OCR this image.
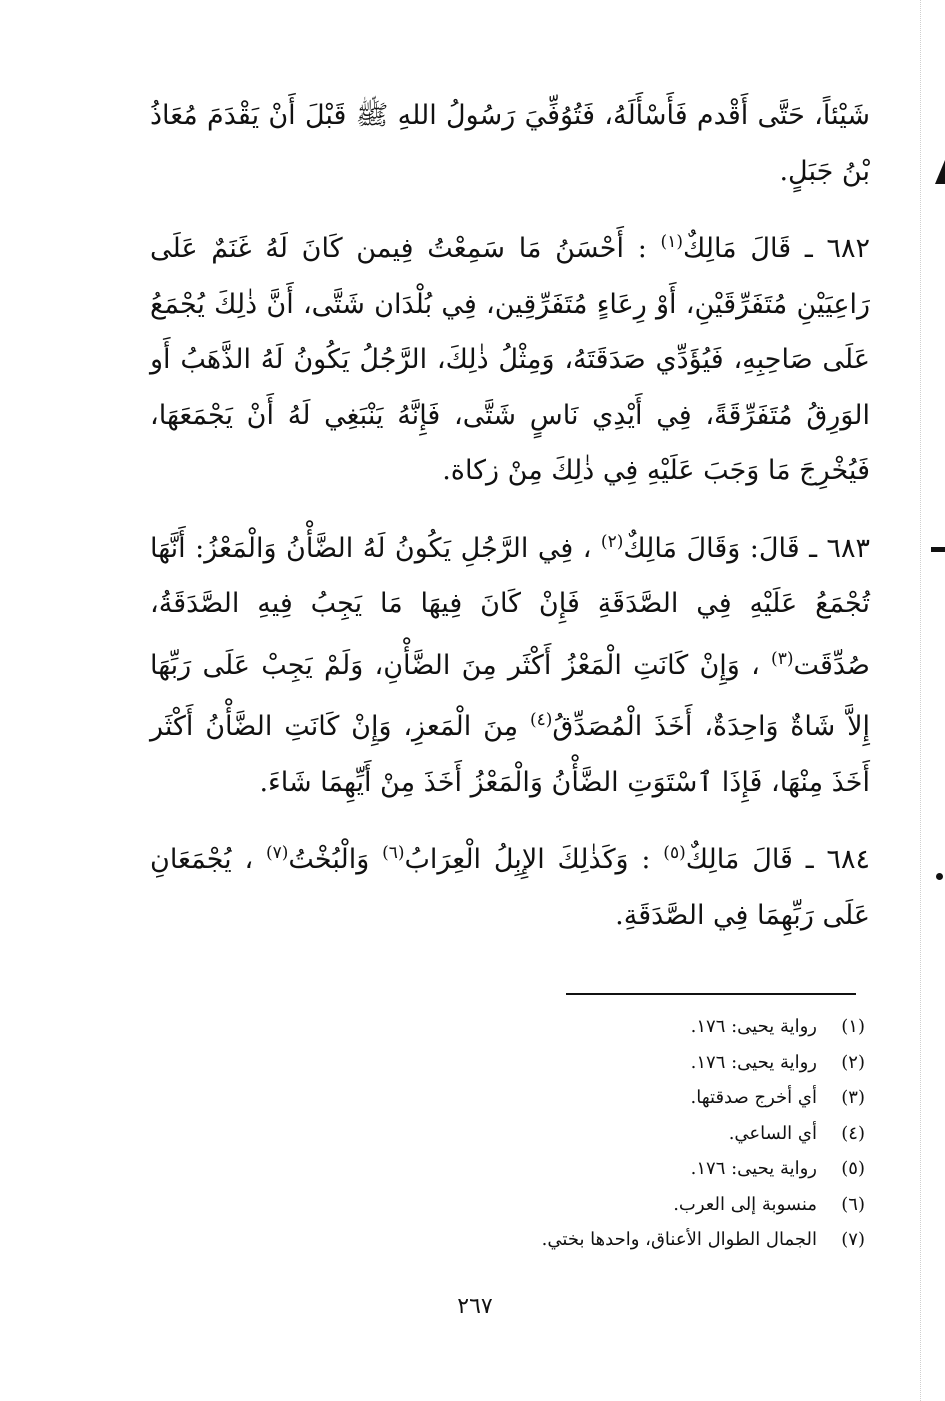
شَيْئاً، حَتَّى أَقْدم فَأَسْأَلَهُ، فَتُوُفِّيَ رَسُولُ اللهِ ﷺ قَبْلَ أَنْ يَقْدَمَ مُعَاذُ بْنُ جَبَلٍ.

٦٨٢ ـ قَالَ مَالِكٌ$^{(١)}$ : أَحْسَنُ مَا سَمِعْتُ فِيمن كَانَ لَهُ غَنَمٌ عَلَى رَاعِيَيْنِ مُتَفَرِّقَيْنِ، أَوْ رِعَاءٍ مُتَفَرِّقِين، فِي بُلْدَان شَتَّى، أَنَّ ذٰلِكَ يُجْمَعُ عَلَى صَاحِبِهِ، فَيُؤَدِّي صَدَقَتَهُ، وَمِثْلُ ذٰلِكَ، الرَّجُلُ يَكُونُ لَهُ الذَّهَبُ أَو الوَرِقُ مُتَفَرِّقَةً، فِي أَيْدِي نَاسٍ شَتَّى، فَإِنَّهُ يَنْبَغِي لَهُ أَنْ يَجْمَعَهَا، فَيُخْرِجَ مَا وَجَبَ عَلَيْهِ فِي ذٰلِكَ مِنْ زكاة.

٦٨٣ ـ قَالَ: وَقَالَ مَالِكٌ$^{(٢)}$ ، فِي الرَّجُلِ يَكُونُ لَهُ الضَّأْنُ وَالْمَعْزُ: أَنَّهَا تُجْمَعُ عَلَيْهِ فِي الصَّدَقَةِ فَإِنْ كَانَ فِيهَا مَا يَجِبُ فِيهِ الصَّدَقَةُ، صُدِّقَت$^{(٣)}$ ، وَإِنْ كَانَتِ الْمَعْزُ أَكْثَر مِنَ الضَّأْنِ، وَلَمْ يَجِبْ عَلَى رَبِّهَا إِلاَّ شَاةٌ وَاحِدَةٌ، أَخَذَ الْمُصَدِّقُ$^{(٤)}$ مِنَ الْمَعزِ، وَإِنْ كَانَتِ الضَّأْنُ أَكْثَر أَخَذَ مِنْهَا، فَإِذَا ٱسْتَوَتِ الضَّأْنُ وَالْمَعْزُ أَخَذَ مِنْ أَيِّهِمَا شَاءَ.

٦٨٤ ـ قَالَ مَالِكٌ$^{(٥)}$ : وَكَذٰلِكَ الإِبِلُ الْعِرَابُ$^{(٦)}$ وَالْبُخْتُ$^{(٧)}$ ، يُجْمَعَانِ عَلَى رَبِّهِمَا فِي الصَّدَقَةِ.

(١)
رواية يحيى: ١٧٦.
(٢)
رواية يحيى: ١٧٦.
(٣)
أي أخرج صدقتها.
(٤)
أي الساعي.
(٥)
رواية يحيى: ١٧٦.
(٦)
منسوبة إلى العرب.
(٧)
الجمال الطوال الأعناق، واحدها بختي.
٢٦٧
